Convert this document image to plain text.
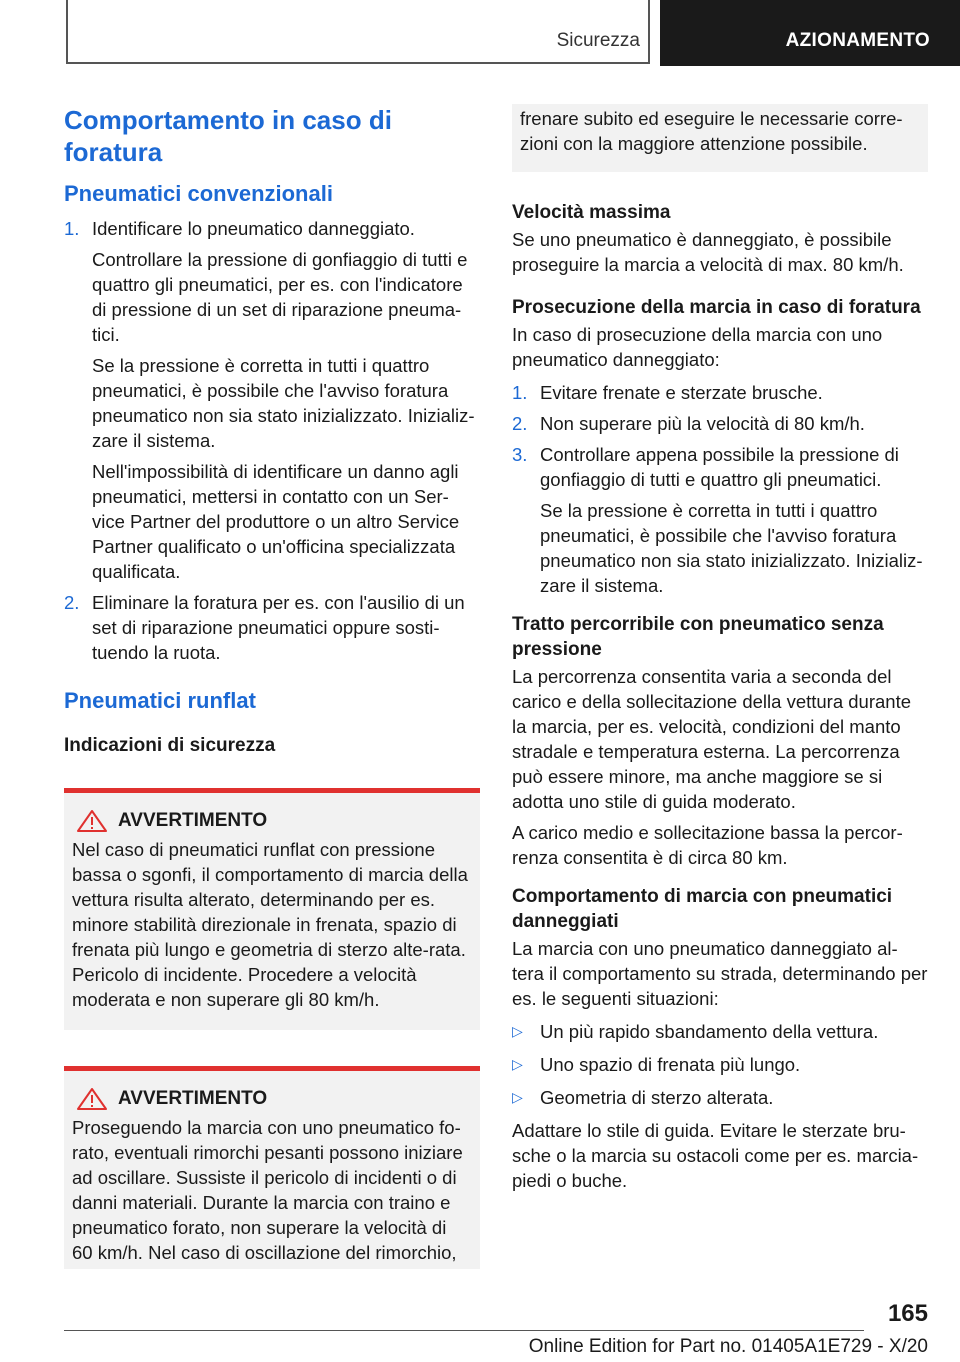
Sicurezza	AZIONAMENTO
Comportamento in caso di foratura
Pneumatici convenzionali
1. Identificare lo pneumatico danneggiato.

Controllare la pressione di gonfiaggio di tutti e quattro gli pneumatici, per es. con l'indicatore di pressione di un set di riparazione pneuma‐tici.

Se la pressione è corretta in tutti i quattro pneumatici, è possibile che l'avviso foratura pneumatico non sia stato inizializzato. Inizializ‐zare il sistema.

Nell'impossibilità di identificare un danno agli pneumatici, mettersi in contatto con un Ser‐vice Partner del produttore o un altro Service Partner qualificato o un'officina specializzata qualificata.

2. Eliminare la foratura per es. con l'ausilio di un set di riparazione pneumatici oppure sosti‐tuendo la ruota.

Pneumatici runflat
Indicazioni di sicurezza
AVVERTIMENTO

Nel caso di pneumatici runflat con pressione bassa o sgonfi, il comportamento di marcia della vettura risulta alterato, determinando per es. minore stabilità direzionale in frenata, spazio di frenata più lungo e geometria di sterzo alte‐rata. Pericolo di incidente. Procedere a velocità moderata e non superare gli 80 km/h.

AVVERTIMENTO

Proseguendo la marcia con uno pneumatico fo‐rato, eventuali rimorchi pesanti possono iniziare ad oscillare. Sussiste il pericolo di incidenti o di danni materiali. Durante la marcia con traino e pneumatico forato, non superare la velocità di 60 km/h. Nel caso di oscillazione del rimorchio,

frenare subito ed eseguire le necessarie corre‐zioni con la maggiore attenzione possibile.

Velocità massima

Se uno pneumatico è danneggiato, è possibile proseguire la marcia a velocità di max. 80 km/h.

Prosecuzione della marcia in caso di foratura

In caso di prosecuzione della marcia con uno pneumatico danneggiato:

1. Evitare frenate e sterzate brusche.

2. Non superare più la velocità di 80 km/h.

3. Controllare appena possibile la pressione di gonfiaggio di tutti e quattro gli pneumatici.

Se la pressione è corretta in tutti i quattro pneumatici, è possibile che l'avviso foratura pneumatico non sia stato inizializzato. Inizializ‐zare il sistema.

Tratto percorribile con pneumatico senza pressione

La percorrenza consentita varia a seconda del carico e della sollecitazione della vettura durante la marcia, per es. velocità, condizioni del manto stradale e temperatura esterna. La percorrenza può essere minore, ma anche maggiore se si adotta uno stile di guida moderato.

A carico medio e sollecitazione bassa la percor‐renza consentita è di circa 80 km.

Comportamento di marcia con pneumatici danneggiati

La marcia con uno pneumatico danneggiato al‐tera il comportamento su strada, determinando per es. le seguenti situazioni:

▷ Un più rapido sbandamento della vettura.
▷ Uno spazio di frenata più lungo.
▷ Geometria di sterzo alterata.

Adattare lo stile di guida. Evitare le sterzate bru‐sche o la marcia su ostacoli come per es. marcia‐piedi o buche.

165
Online Edition for Part no. 01405A1E729 - X/20
